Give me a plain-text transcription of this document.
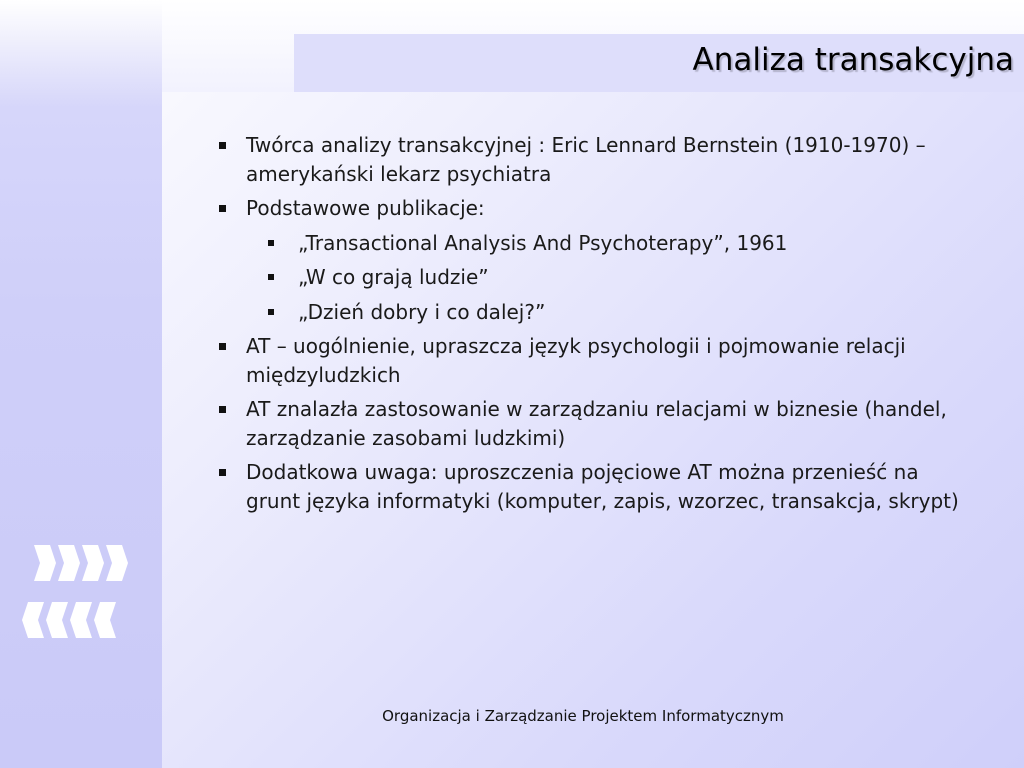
Analiza transakcyjna
Twórca analizy transakcyjnej : Eric Lennard Bernstein (1910-1970) – amerykański lekarz psychiatra
Podstawowe publikacje:
„Transactional Analysis And Psychoterapy”, 1961
„W co grają ludzie”
„Dzień dobry i co dalej?”
AT – uogólnienie, upraszcza język psychologii i pojmowanie relacji międzyludzkich
AT znalazła zastosowanie w zarządzaniu relacjami w biznesie (handel, zarządzanie zasobami ludzkimi)
Dodatkowa uwaga: uproszczenia pojęciowe AT można przenieść na grunt języka informatyki (komputer, zapis, wzorzec, transakcja, skrypt)
Organizacja i Zarządzanie Projektem Informatycznym
